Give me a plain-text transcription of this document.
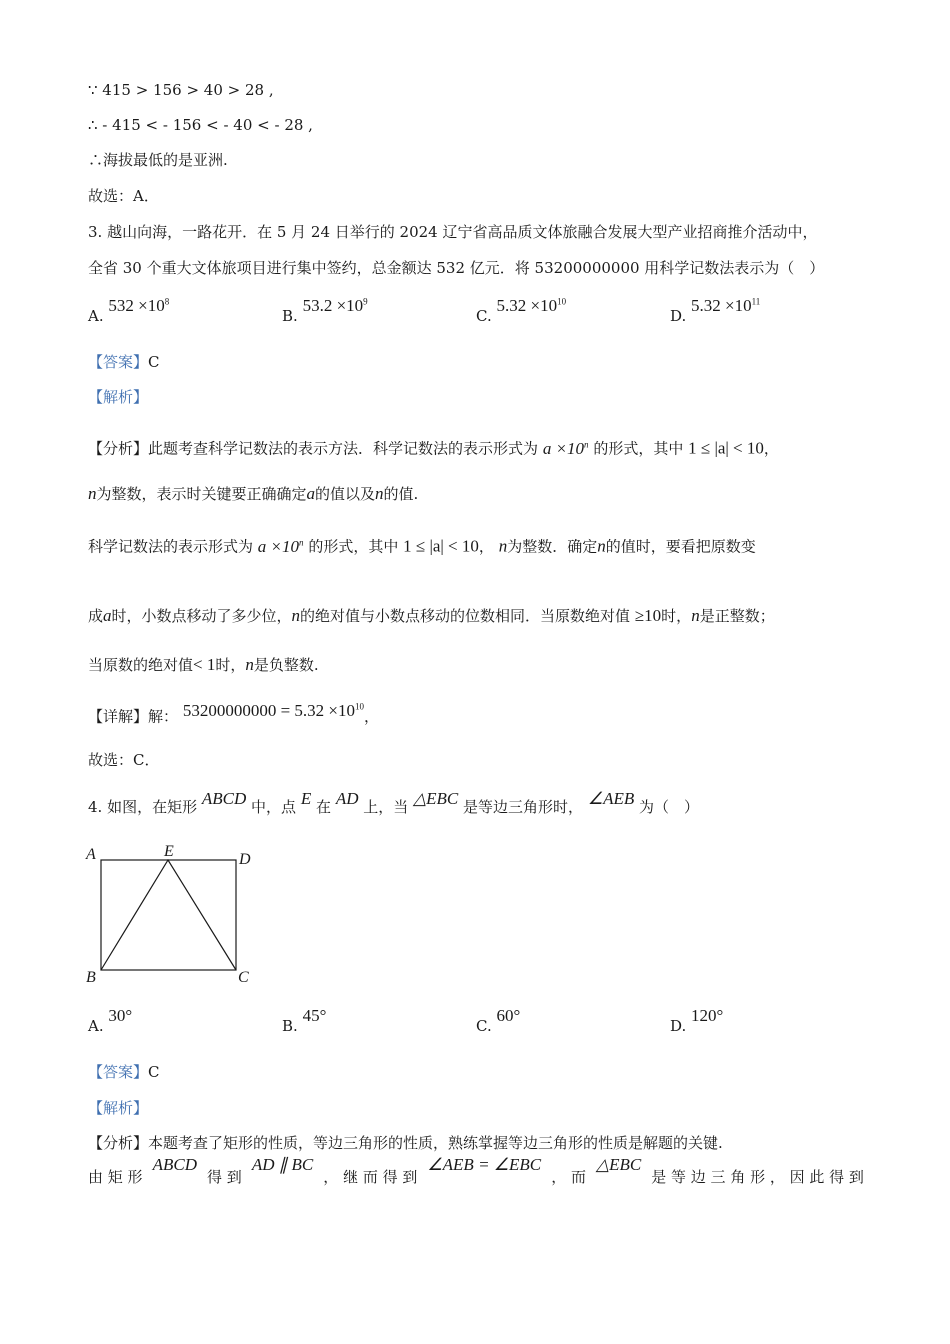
∵ 415 > 156 > 40 > 28 ,
∴ - 415 < - 156 < - 40 < - 28 ,
∴海拔最低的是亚洲.
故选：A．
3. 越山向海，一路花开．在 5 月 24 日举行的 2024 辽宁省高品质文体旅融合发展大型产业招商推介活动中，
全省 30 个重大文体旅项目进行集中签约，总金额达 532 亿元．将 53200000000 用科学记数法表示为（　）
A. $532 \times 10^8$
B. $53.2 \times 10^9$
C. $5.32 \times 10^{10}$
D. $5.32 \times 10^{11}$
【答案】C
【解析】
【分析】此题考查科学记数法的表示方法．科学记数法的表示形式为 $a \times 10^n$ 的形式，其中 1 ≤ |a| < 10，
n为整数，表示时关键要正确确定a的值以及n的值.
科学记数法的表示形式为 $a \times 10^n$ 的形式，其中 1 ≤ |a| < 10， n为整数．确定n的值时，要看把原数变
成a时，小数点移动了多少位，n的绝对值与小数点移动的位数相同．当原数绝对值 ≥10时，n是正整数；
当原数的绝对值< 1时，n是负整数.
【详解】解： $53200000000 = 5.32 \times 10^{10}$，
故选：C．
4. 如图，在矩形 ABCD 中，点 E 在 AD 上，当 △EBC 是等边三角形时， ∠AEB 为（　）
A	E	D
B	C
A. 30°
B. 45°
C. 60°
D. 120°
【答案】C
【解析】
【分析】本题考查了矩形的性质，等边三角形的性质，熟练掌握等边三角形的性质是解题的关键.
由 矩 形
ABCD
得 到
AD ∥ BC
， 继 而 得 到
∠AEB = ∠EBC
， 而
△EBC
是 等 边 三 角 形 ， 因 此 得 到
